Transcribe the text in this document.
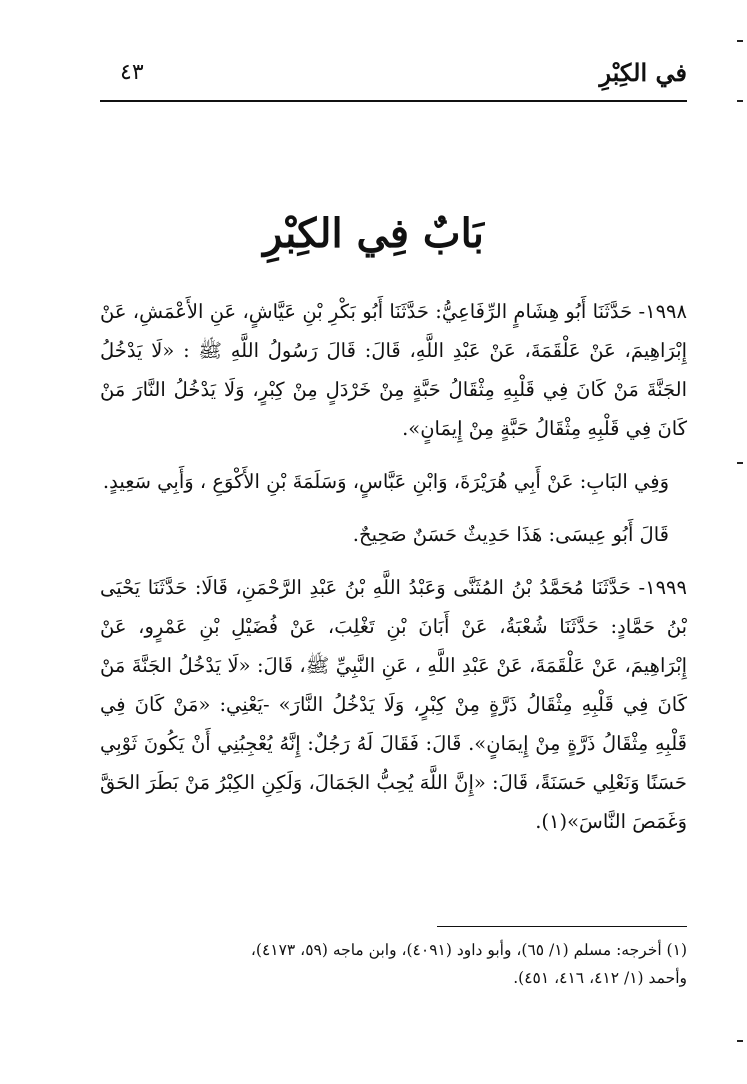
في الكِبْرِ
٤٣
بَابٌ فِي الكِبْرِ

١٩٩٨- حَدَّثَنَا أَبُو هِشَامٍ الرِّفَاعِيُّ: حَدَّثَنَا أَبُو بَكْرِ بْنِ عَيَّاشٍ، عَنِ الأَعْمَشِ، عَنْ إِبْرَاهِيمَ، عَنْ عَلْقَمَةَ، عَنْ عَبْدِ اللَّهِ، قَالَ: قَالَ رَسُولُ اللَّهِ ﷺ : «لَا يَدْخُلُ الجَنَّةَ مَنْ كَانَ فِي قَلْبِهِ مِثْقَالُ حَبَّةٍ مِنْ خَرْدَلٍ مِنْ كِبْرٍ، وَلَا يَدْخُلُ النَّارَ مَنْ كَانَ فِي قَلْبِهِ مِثْقَالُ حَبَّةٍ مِنْ إِيمَانٍ».

وَفِي البَابِ: عَنْ أَبِي هُرَيْرَةَ، وَابْنِ عَبَّاسٍ، وَسَلَمَةَ بْنِ الأَكْوَعِ ، وَأَبِي سَعِيدٍ.

قَالَ أَبُو عِيسَى: هَذَا حَدِيثٌ حَسَنٌ صَحِيحٌ.

١٩٩٩- حَدَّثَنَا مُحَمَّدُ بْنُ المُثَنَّى وَعَبْدُ اللَّهِ بْنُ عَبْدِ الرَّحْمَنِ، قَالَا: حَدَّثَنَا يَحْيَى بْنُ حَمَّادٍ: حَدَّثَنَا شُعْبَةُ، عَنْ أَبَانَ بْنِ تَغْلِبَ، عَنْ فُضَيْلِ بْنِ عَمْرٍو، عَنْ إِبْرَاهِيمَ، عَنْ عَلْقَمَةَ، عَنْ عَبْدِ اللَّهِ ، عَنِ النَّبِيِّ ﷺ، قَالَ: «لَا يَدْخُلُ الجَنَّةَ مَنْ كَانَ فِي قَلْبِهِ مِثْقَالُ ذَرَّةٍ مِنْ كِبْرٍ، وَلَا يَدْخُلُ النَّارَ» -يَعْنِي: «مَنْ كَانَ فِي قَلْبِهِ مِثْقَالُ ذَرَّةٍ مِنْ إِيمَانٍ». قَالَ: فَقَالَ لَهُ رَجُلٌ: إِنَّهُ يُعْجِبُنِي أَنْ يَكُونَ ثَوْبِي حَسَنًا وَنَعْلِي حَسَنَةً، قَالَ: «إِنَّ اللَّهَ يُحِبُّ الجَمَالَ، وَلَكِنِ الكِبْرُ مَنْ بَطَرَ الحَقَّ وَغَمَصَ النَّاسَ»(١).

(١) أخرجه: مسلم (١/ ٦٥)، وأبو داود (٤٠٩١)، وابن ماجه (٥٩، ٤١٧٣)،

وأحمد (١/ ٤١٢، ٤١٦، ٤٥١).
